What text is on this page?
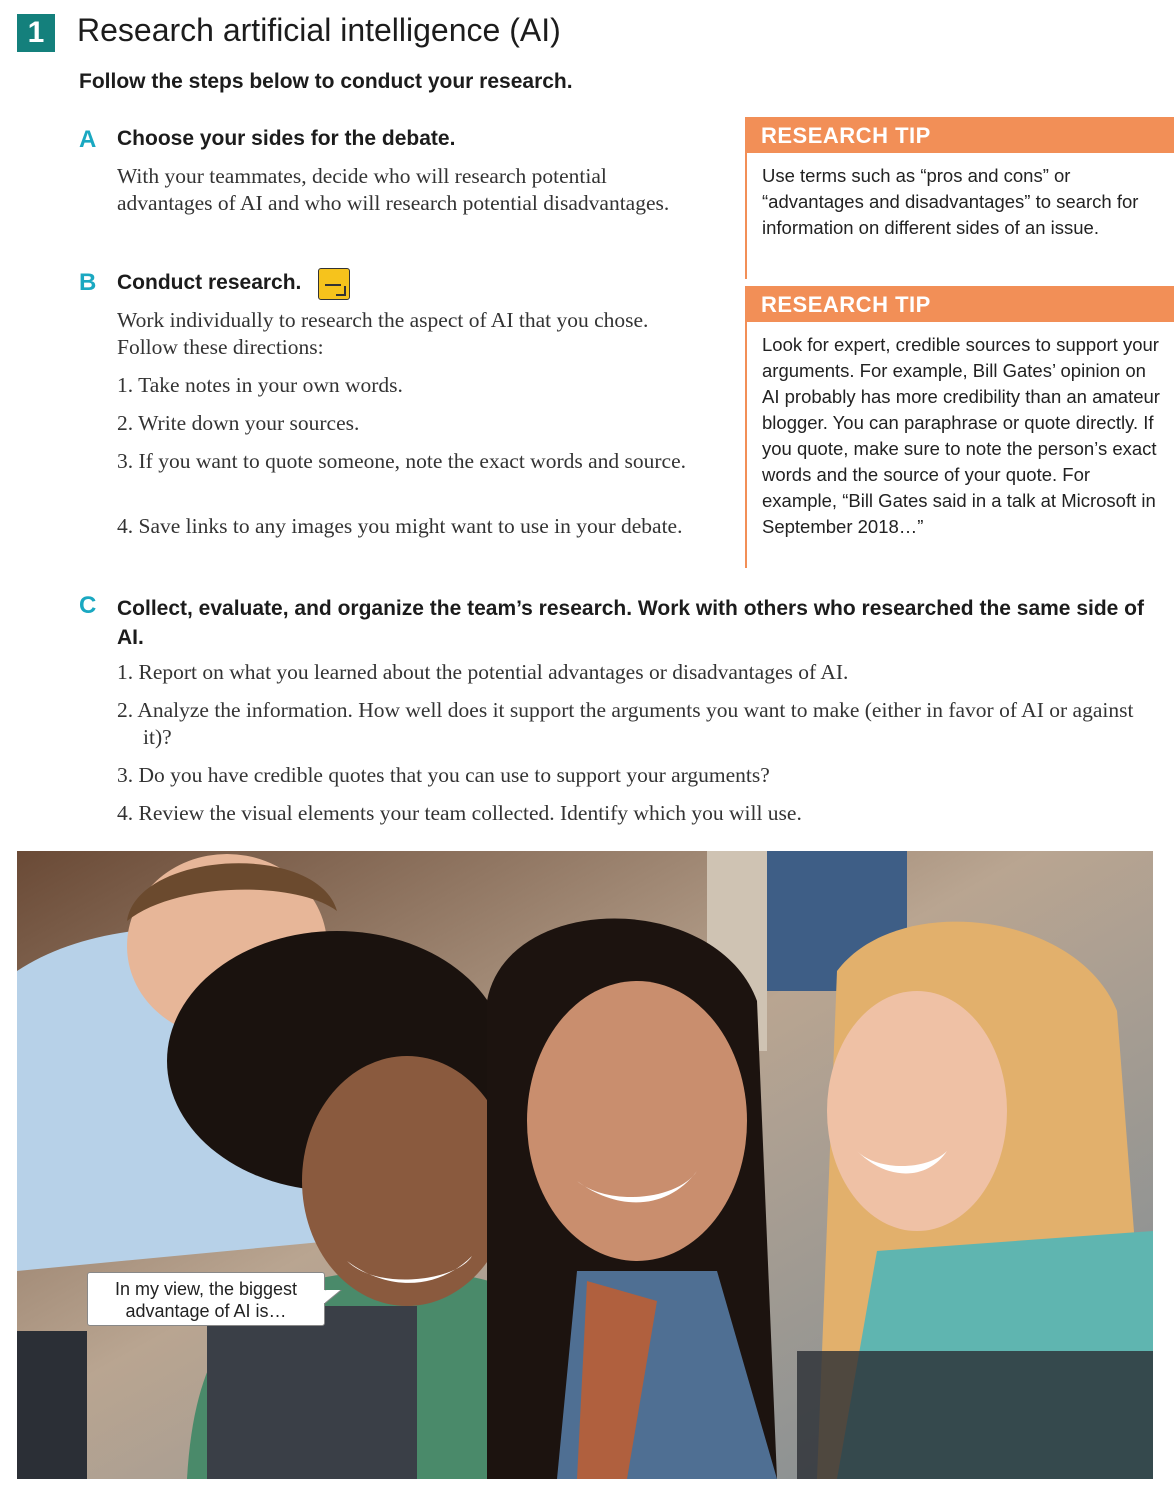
1	Research artificial intelligence (AI)
Follow the steps below to conduct your research.
A Choose your sides for the debate.
With your teammates, decide who will research potential advantages of AI and who will research potential disadvantages.
B Conduct research.
Work individually to research the aspect of AI that you chose. Follow these directions:
1. Take notes in your own words.
2. Write down your sources.
3. If you want to quote someone, note the exact words and source.
4. Save links to any images you might want to use in your debate.
RESEARCH TIP
Use terms such as “pros and cons” or “advantages and disadvantages” to search for information on different sides of an issue.
RESEARCH TIP
Look for expert, credible sources to support your arguments. For example, Bill Gates’ opinion on AI probably has more credibility than an amateur blogger. You can paraphrase or quote directly. If you quote, make sure to note the person’s exact words and the source of your quote. For example, “Bill Gates said in a talk at Microsoft in September 2018…”
C Collect, evaluate, and organize the team’s research. Work with others who researched the same side of AI.
1. Report on what you learned about the potential advantages or disadvantages of AI.
2. Analyze the information. How well does it support the arguments you want to make (either in favor of AI or against it)?
3. Do you have credible quotes that you can use to support your arguments?
4. Review the visual elements your team collected. Identify which you will use.
In my view, the biggest advantage of AI is…
